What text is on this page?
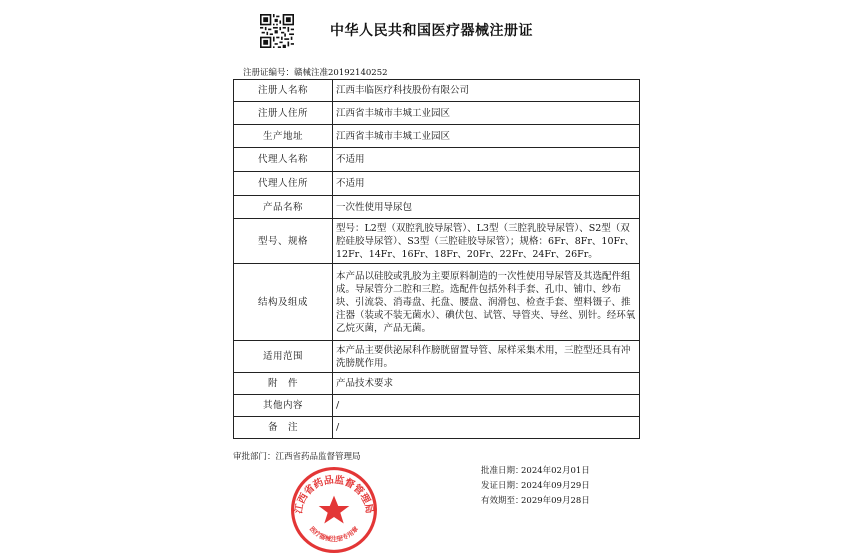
中华人民共和国医疗器械注册证
注册证编号：赣械注准20192140252
注册人名称	江西丰临医疗科技股份有限公司
注册人住所	江西省丰城市丰城工业园区
生产地址	江西省丰城市丰城工业园区
代理人名称	不适用
代理人住所	不适用
产品名称	一次性使用导尿包
型号、规格	型号：L2型（双腔乳胶导尿管）、L3型（三腔乳胶导尿管）、S2型（双腔硅胶导尿管）、S3型（三腔硅胶导尿管）；规格：6Fr、8Fr、10Fr、12Fr、14Fr、16Fr、18Fr、20Fr、22Fr、24Fr、26Fr。
结构及组成	本产品以硅胶或乳胶为主要原料制造的一次性使用导尿管及其选配件组成。导尿管分二腔和三腔。选配件包括外科手套、孔巾、铺巾、纱布块、引流袋、消毒盘、托盘、腰盘、润滑包、检查手套、塑料镊子、推注器（装或不装无菌水）、碘伏包、试管、导管夹、导丝、别针。经环氧乙烷灭菌，产品无菌。
适用范围	本产品主要供泌尿科作膀胱留置导管、尿样采集术用，三腔型还具有冲洗膀胱作用。
附　件	产品技术要求
其他内容	/
备　注	/
审批部门：江西省药品监督管理局
批准日期：2024年02月01日
发证日期：2024年09月29日
有效期至：2029年09月28日
江西省药品监督管理局
医疗器械注册专用章
